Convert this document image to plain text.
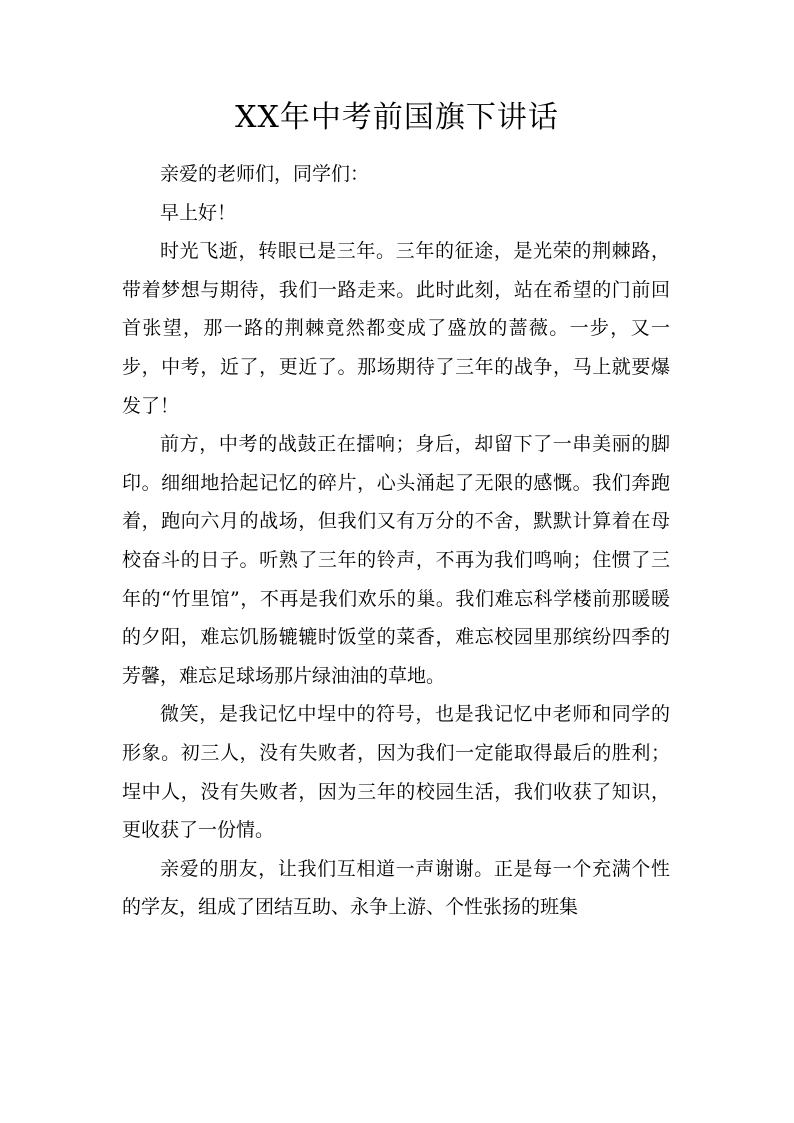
XX年中考前国旗下讲话

亲爱的老师们，同学们：

早上好！

时光飞逝，转眼已是三年。三年的征途，是光荣的荆棘路，带着梦想与期待，我们一路走来。此时此刻，站在希望的门前回首张望，那一路的荆棘竟然都变成了盛放的蔷薇。一步，又一步，中考，近了，更近了。那场期待了三年的战争，马上就要爆发了！

前方，中考的战鼓正在擂响；身后，却留下了一串美丽的脚印。细细地拾起记忆的碎片，心头涌起了无限的感慨。我们奔跑着，跑向六月的战场，但我们又有万分的不舍，默默计算着在母校奋斗的日子。听熟了三年的铃声，不再为我们鸣响；住惯了三年的“竹里馆”，不再是我们欢乐的巢。我们难忘科学楼前那暖暖的夕阳，难忘饥肠辘辘时饭堂的菜香，难忘校园里那缤纷四季的芳馨，难忘足球场那片绿油油的草地。

微笑，是我记忆中埕中的符号，也是我记忆中老师和同学的形象。初三人，没有失败者，因为我们一定能取得最后的胜利；埕中人，没有失败者，因为三年的校园生活，我们收获了知识，更收获了一份情。

亲爱的朋友，让我们互相道一声谢谢。正是每一个充满个性的学友，组成了团结互助、永争上游、个性张扬的班集
